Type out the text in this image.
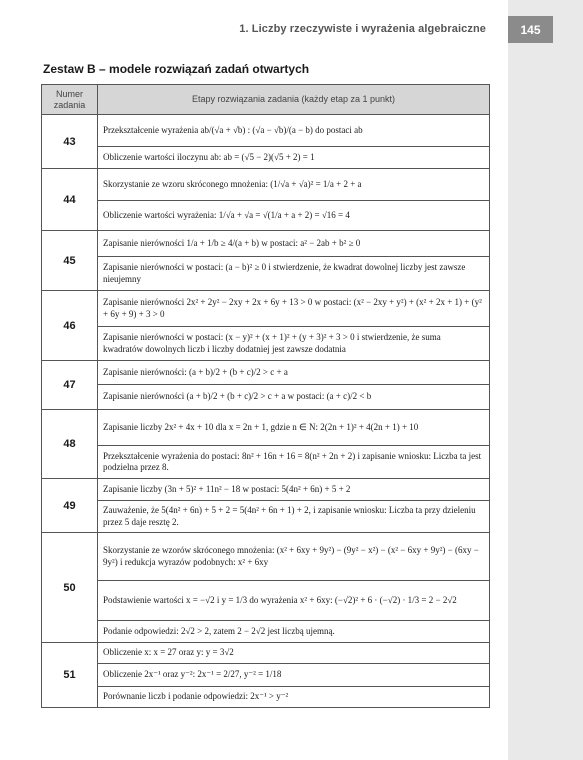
1. Liczby rzeczywiste i wyrażenia algebraiczne	145
Zestaw B – modele rozwiązań zadań otwartych
Numer zadania	Etapy rozwiązania zadania (każdy etap za 1 punkt)
43	Przekształcenie wyrażenia ab/(√a + √b) : (√a − √b)/(a − b) do postaci ab
	Obliczenie wartości iloczynu ab: ab = (√5 − 2)(√5 + 2) = 1
44	Skorzystanie ze wzoru skróconego mnożenia: (1/√a + √a)² = 1/a + 2 + a
	Obliczenie wartości wyrażenia: 1/√a + √a = √(1/a + a + 2) = √16 = 4
45	Zapisanie nierówności 1/a + 1/b ≥ 4/(a + b) w postaci: a² − 2ab + b² ≥ 0
	Zapisanie nierówności w postaci: (a − b)² ≥ 0 i stwierdzenie, że kwadrat dowolnej liczby jest zawsze nieujemny
46	Zapisanie nierówności 2x² + 2y² − 2xy + 2x + 6y + 13 > 0 w postaci: (x² − 2xy + y²) + (x² + 2x + 1) + (y² + 6y + 9) + 3 > 0
	Zapisanie nierówności w postaci: (x − y)² + (x + 1)² + (y + 3)² + 3 > 0 i stwierdzenie, że suma kwadratów dowolnych liczb i liczby dodatniej jest zawsze dodatnia
47	Zapisanie nierówności: (a + b)/2 + (b + c)/2 > c + a
	Zapisanie nierówności (a + b)/2 + (b + c)/2 > c + a w postaci: (a + c)/2 < b
48	Zapisanie liczby 2x² + 4x + 10 dla x = 2n + 1, gdzie n ∈ N: 2(2n + 1)² + 4(2n + 1) + 10
	Przekształcenie wyrażenia do postaci: 8n² + 16n + 16 = 8(n² + 2n + 2) i zapisanie wniosku: Liczba ta jest podzielna przez 8.
49	Zapisanie liczby (3n + 5)² + 11n² − 18 w postaci: 5(4n² + 6n) + 5 + 2
	Zauważenie, że 5(4n² + 6n) + 5 + 2 = 5(4n² + 6n + 1) + 2, i zapisanie wniosku: Liczba ta przy dzieleniu przez 5 daje resztę 2.
50	Skorzystanie ze wzorów skróconego mnożenia: (x² + 6xy + 9y²) − (9y² − x²) − (x² − 6xy + 9y²) − (6xy − 9y²) i redukcja wyrazów podobnych: x² + 6xy
	Podstawienie wartości x = −√2 i y = 1/3 do wyrażenia x² + 6xy: (−√2)² + 6 · (−√2) · 1/3 = 2 − 2√2
	Podanie odpowiedzi: 2√2 > 2, zatem 2 − 2√2 jest liczbą ujemną.
51	Obliczenie x: x = 27 oraz y: y = 3√2
	Obliczenie 2x⁻¹ oraz y⁻²: 2x⁻¹ = 2/27, y⁻² = 1/18
	Porównanie liczb i podanie odpowiedzi: 2x⁻¹ > y⁻²
